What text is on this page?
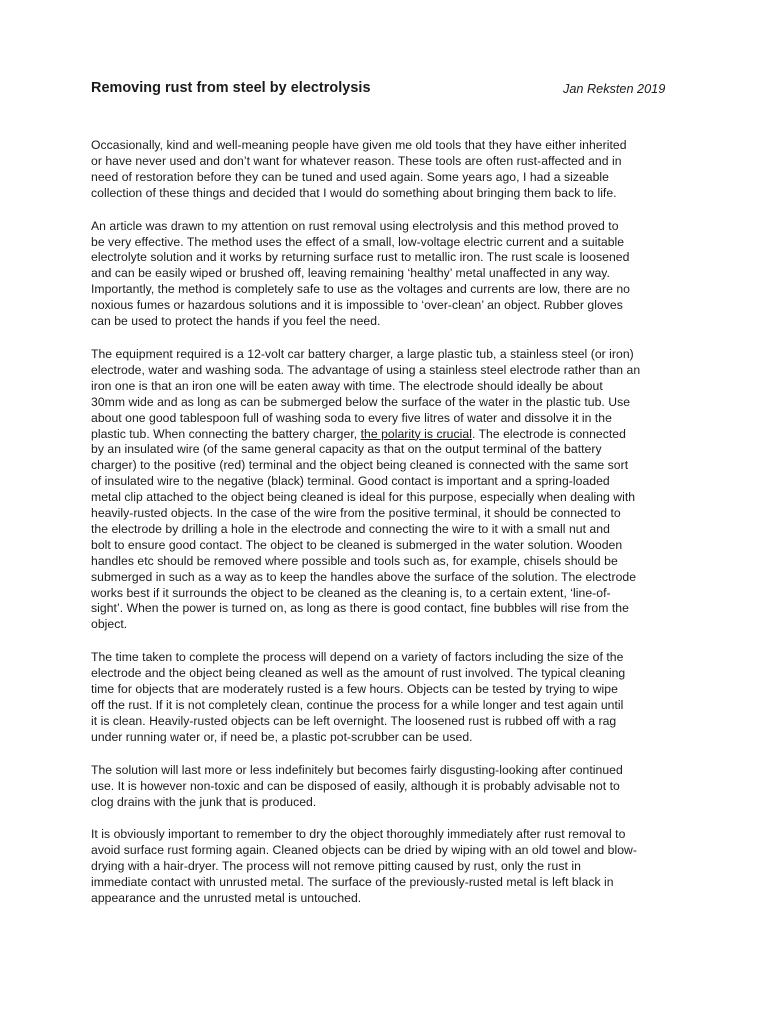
Removing rust from steel by electrolysis	Jan Reksten 2019

Occasionally, kind and well-meaning people have given me old tools that they have either inherited
or have never used and don’t want for whatever reason. These tools are often rust-affected and in
need of restoration before they can be tuned and used again. Some years ago, I had a sizeable
collection of these things and decided that I would do something about bringing them back to life.

An article was drawn to my attention on rust removal using electrolysis and this method proved to
be very effective. The method uses the effect of a small, low-voltage electric current and a suitable
electrolyte solution and it works by returning surface rust to metallic iron. The rust scale is loosened
and can be easily wiped or brushed off, leaving remaining ‘healthy’ metal unaffected in any way.
Importantly, the method is completely safe to use as the voltages and currents are low, there are no
noxious fumes or hazardous solutions and it is impossible to ‘over-clean’ an object. Rubber gloves
can be used to protect the hands if you feel the need.

The equipment required is a 12-volt car battery charger, a large plastic tub, a stainless steel (or iron)
electrode, water and washing soda. The advantage of using a stainless steel electrode rather than an
iron one is that an iron one will be eaten away with time. The electrode should ideally be about
30mm wide and as long as can be submerged below the surface of the water in the plastic tub. Use
about one good tablespoon full of washing soda to every five litres of water and dissolve it in the
plastic tub. When connecting the battery charger, the polarity is crucial. The electrode is connected
by an insulated wire (of the same general capacity as that on the output terminal of the battery
charger) to the positive (red) terminal and the object being cleaned is connected with the same sort
of insulated wire to the negative (black) terminal. Good contact is important and a spring-loaded
metal clip attached to the object being cleaned is ideal for this purpose, especially when dealing with
heavily-rusted objects. In the case of the wire from the positive terminal, it should be connected to
the electrode by drilling a hole in the electrode and connecting the wire to it with a small nut and
bolt to ensure good contact. The object to be cleaned is submerged in the water solution. Wooden
handles etc should be removed where possible and tools such as, for example, chisels should be
submerged in such as a way as to keep the handles above the surface of the solution. The electrode
works best if it surrounds the object to be cleaned as the cleaning is, to a certain extent, ‘line-of-
sight’. When the power is turned on, as long as there is good contact, fine bubbles will rise from the
object.

The time taken to complete the process will depend on a variety of factors including the size of the
electrode and the object being cleaned as well as the amount of rust involved. The typical cleaning
time for objects that are moderately rusted is a few hours. Objects can be tested by trying to wipe
off the rust. If it is not completely clean, continue the process for a while longer and test again until
it is clean. Heavily-rusted objects can be left overnight. The loosened rust is rubbed off with a rag
under running water or, if need be, a plastic pot-scrubber can be used.

The solution will last more or less indefinitely but becomes fairly disgusting-looking after continued
use. It is however non-toxic and can be disposed of easily, although it is probably advisable not to
clog drains with the junk that is produced.

It is obviously important to remember to dry the object thoroughly immediately after rust removal to
avoid surface rust forming again. Cleaned objects can be dried by wiping with an old towel and blow-
drying with a hair-dryer. The process will not remove pitting caused by rust, only the rust in
immediate contact with unrusted metal. The surface of the previously-rusted metal is left black in
appearance and the unrusted metal is untouched.
